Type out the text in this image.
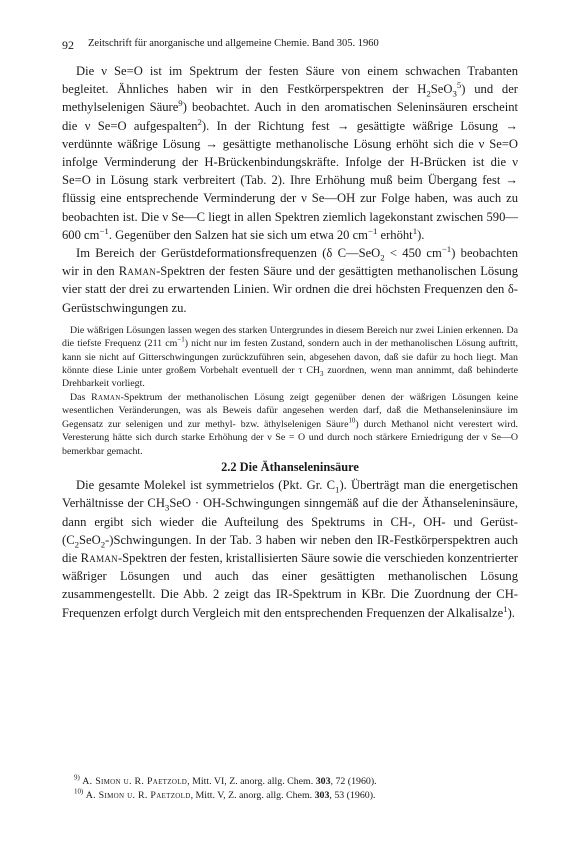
92 Zeitschrift für anorganische und allgemeine Chemie. Band 305. 1960

Die ν Se=O ist im Spektrum der festen Säure von einem schwachen Trabanten begleitet. Ähnliches haben wir in den Festkörperspektren der $H_2SeO_3^5$) und der methylselenigen Säure$^9$) beobachtet. Auch in den aromatischen Seleninsäuren erscheint die ν Se=O aufgespalten$^2$). In der Richtung fest → gesättigte wäßrige Lösung → verdünnte wäßrige Lösung → gesättigte methanolische Lösung erhöht sich die ν Se=O infolge Verminderung der H-Brückenbindungskräfte. Infolge der H-Brücken ist die ν Se=O in Lösung stark verbreitert (Tab. 2). Ihre Erhöhung muß beim Übergang fest → flüssig eine entsprechende Verminderung der ν Se—OH zur Folge haben, was auch zu beobachten ist. Die ν Se—C liegt in allen Spektren ziemlich lagekonstant zwischen 590—600 $cm^{-1}$. Gegenüber den Salzen hat sie sich um etwa 20 $cm^{-1}$ erhöht$^1$).

Im Bereich der Gerüstdeformationsfrequenzen (δ C—SeO$_2$ < 450 $cm^{-1}$) beobachten wir in den Raman-Spektren der festen Säure und der gesättigten methanolischen Lösung vier statt der drei zu erwartenden Linien. Wir ordnen die drei höchsten Frequenzen den δ-Gerüstschwingungen zu.

Die wäßrigen Lösungen lassen wegen des starken Untergrundes in diesem Bereich nur zwei Linien erkennen. Da die tiefste Frequenz (211 $cm^{-1}$) nicht nur im festen Zustand, sondern auch in der methanolischen Lösung auftritt, kann sie nicht auf Gitterschwingungen zurückzuführen sein, abgesehen davon, daß sie dafür zu hoch liegt. Man könnte diese Linie unter großem Vorbehalt eventuell der τ $CH_3$ zuordnen, wenn man annimmt, daß behinderte Drehbarkeit vorliegt.

Das Raman-Spektrum der methanolischen Lösung zeigt gegenüber denen der wäßrigen Lösungen keine wesentlichen Veränderungen, was als Beweis dafür angesehen werden darf, daß die Methanseleninsäure im Gegensatz zur selenigen und zur methyl- bzw. äthylselenigen Säure$^{10}$) durch Methanol nicht verestert wird. Veresterung hätte sich durch starke Erhöhung der ν Se = O und durch noch stärkere Erniedrigung der ν Se—O bemerkbar gemacht.

2.2 Die Äthanseleninsäure

Die gesamte Molekel ist symmetrielos (Pkt. Gr. $C_1$). Überträgt man die energetischen Verhältnisse der $CH_3SeO$ · OH-Schwingungen sinngemäß auf die der Äthanseleninsäure, dann ergibt sich wieder die Aufteilung des Spektrums in CH-, OH- und Gerüst-$(C_2SeO_2-)Schwingungen$. In der Tab. 3 haben wir neben den IR-Festkörperspektren auch die Raman-Spektren der festen, kristallisierten Säure sowie die verschieden konzentrierter wäßriger Lösungen und auch das einer gesättigten methanolischen Lösung zusammengestellt. Die Abb. 2 zeigt das IR-Spektrum in KBr. Die Zuordnung der CH-Frequenzen erfolgt durch Vergleich mit den entsprechenden Frequenzen der Alkalisalze$^1$).

$^{9)}$ A. Simon u. R. Paetzold, Mitt. VI, Z. anorg. allg. Chem. 303, 72 (1960).
$^{10)}$ A. Simon u. R. Paetzold, Mitt. V, Z. anorg. allg. Chem. 303, 53 (1960).
